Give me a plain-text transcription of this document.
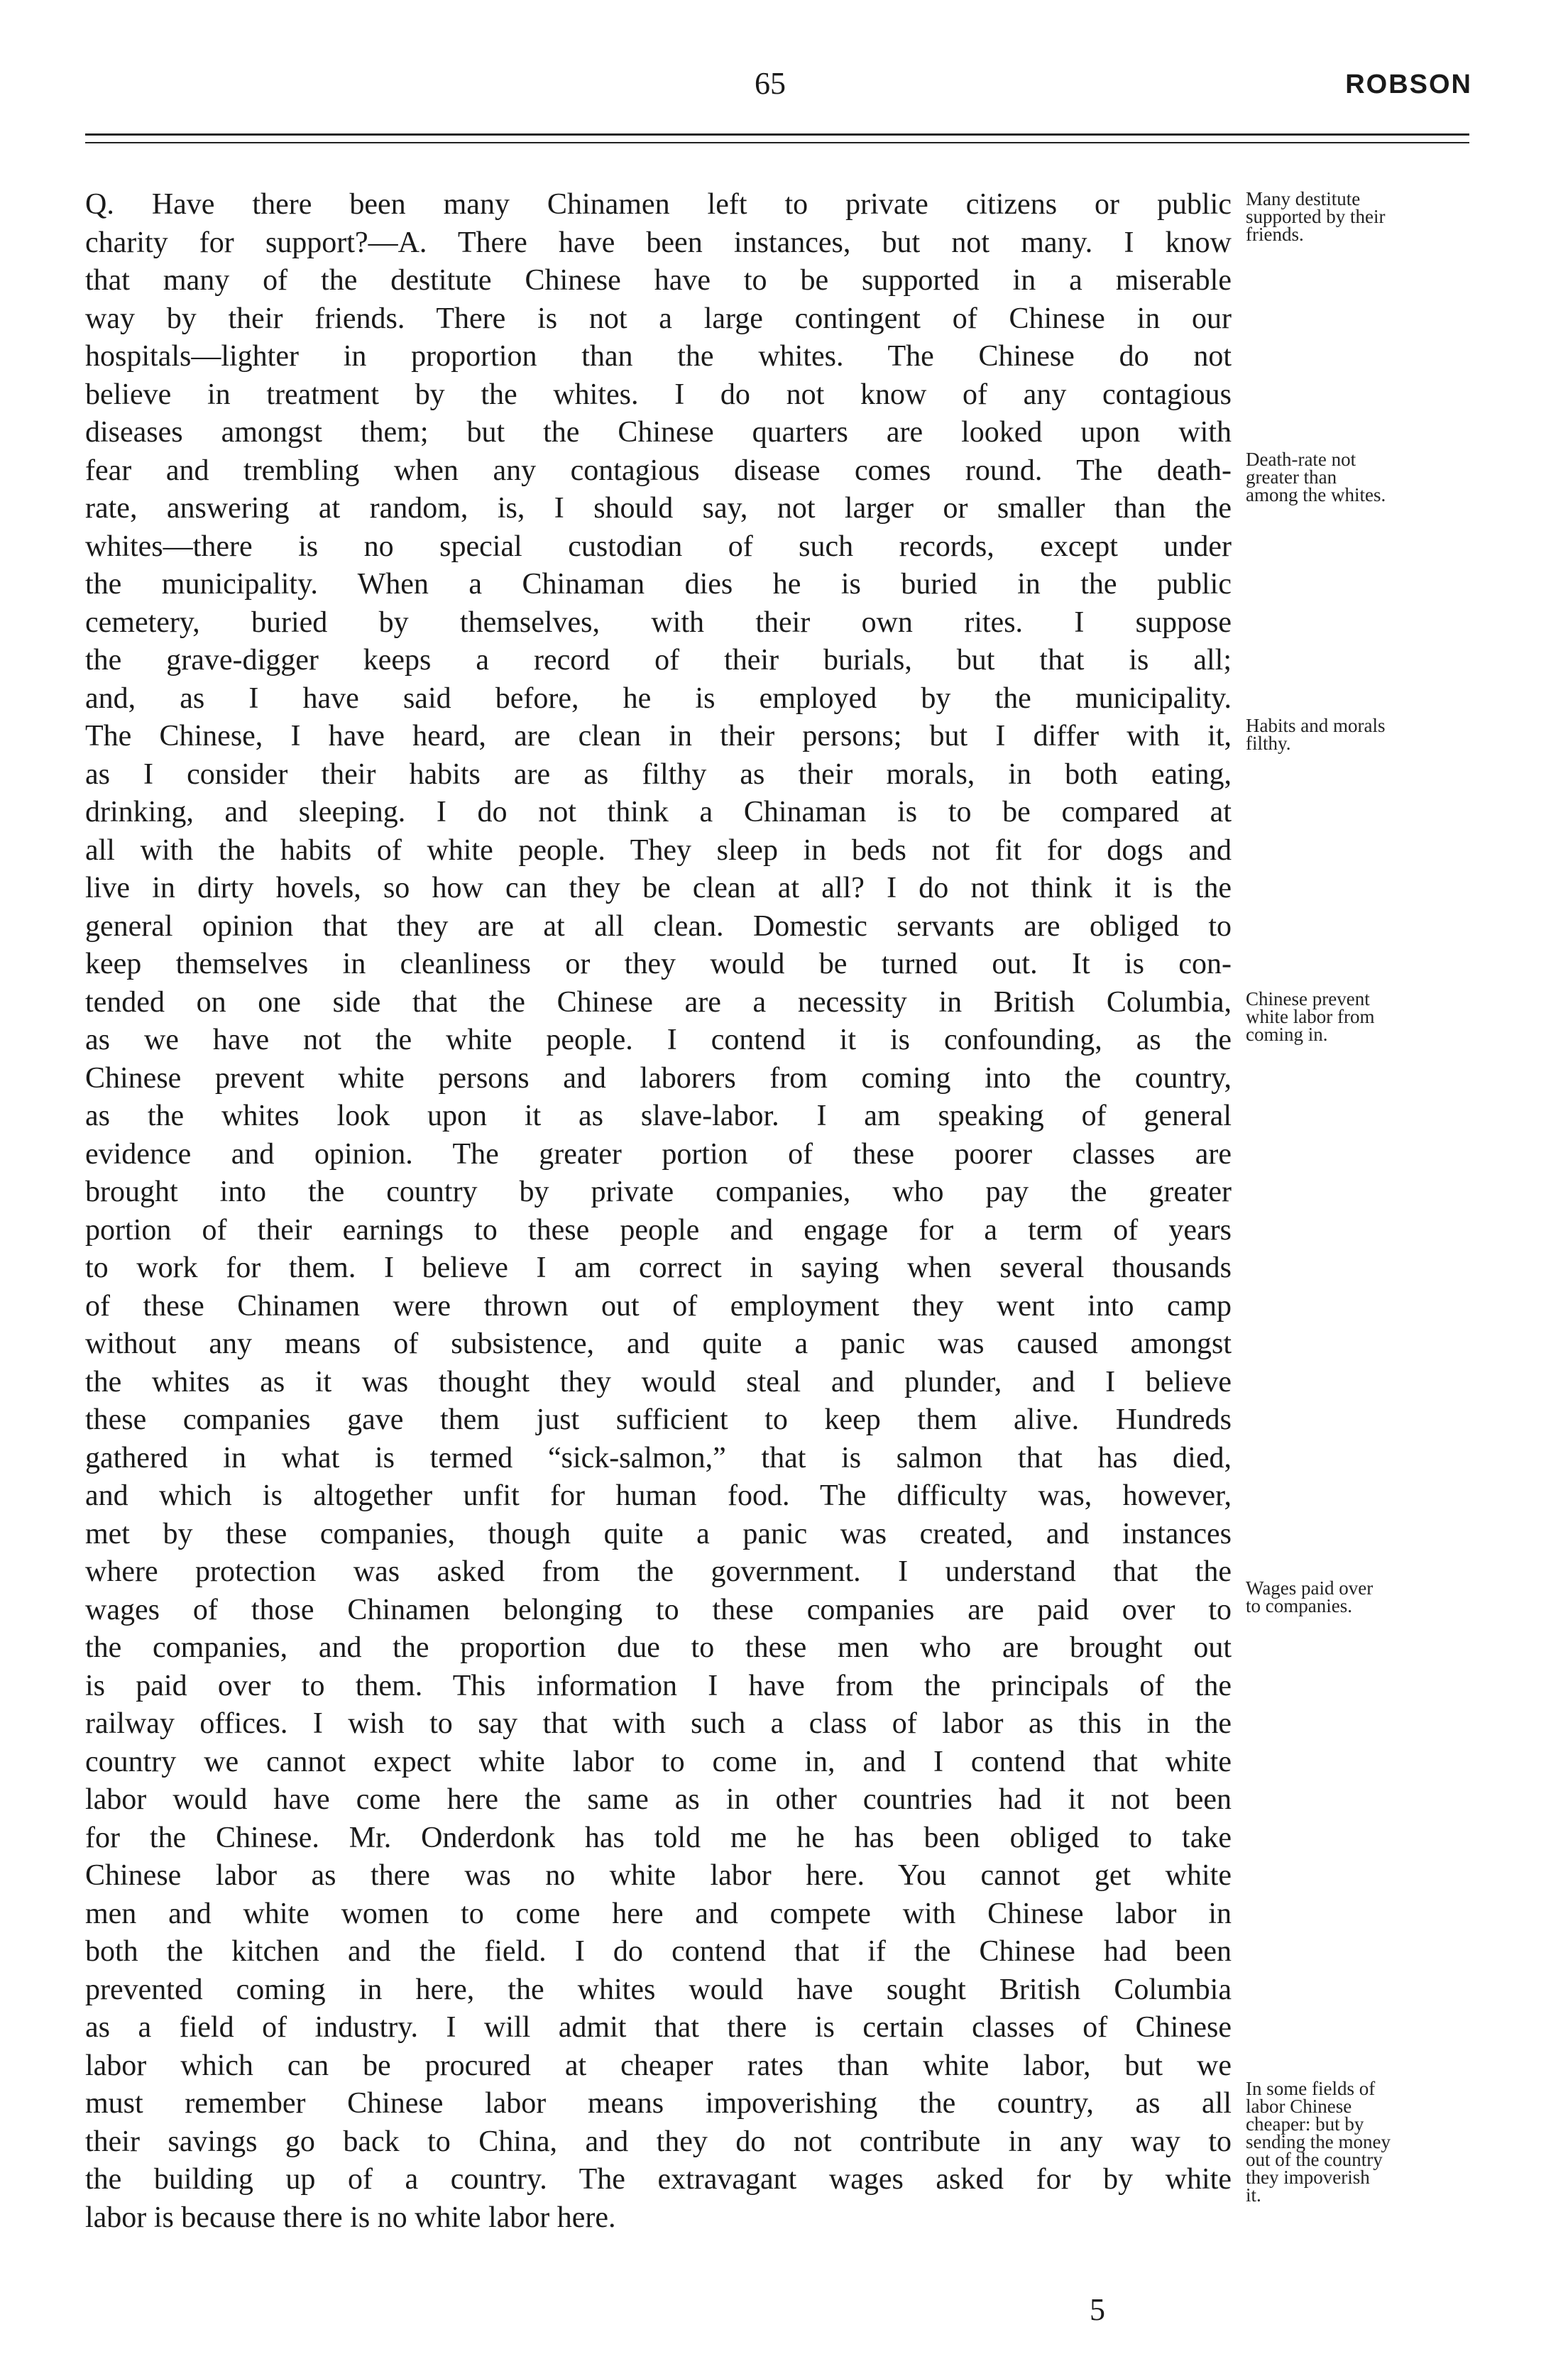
65	ROBSON
Q. Have there been many Chinamen left to private citizens or public
charity for support?—A. There have been instances, but not many. I know
that many of the destitute Chinese have to be supported in a miserable
way by their friends. There is not a large contingent of Chinese in our
hospitals—lighter in proportion than the whites. The Chinese do not
believe in treatment by the whites. I do not know of any contagious
diseases amongst them; but the Chinese quarters are looked upon with
fear and trembling when any contagious disease comes round. The death-
rate, answering at random, is, I should say, not larger or smaller than the
whites—there is no special custodian of such records, except under
the municipality. When a Chinaman dies he is buried in the public
cemetery, buried by themselves, with their own rites. I suppose
the grave-digger keeps a record of their burials, but that is all;
and, as I have said before, he is employed by the municipality.
The Chinese, I have heard, are clean in their persons; but I differ with it,
as I consider their habits are as filthy as their morals, in both eating,
drinking, and sleeping. I do not think a Chinaman is to be compared at
all with the habits of white people. They sleep in beds not fit for dogs and
live in dirty hovels, so how can they be clean at all? I do not think it is the
general opinion that they are at all clean. Domestic servants are obliged to
keep themselves in cleanliness or they would be turned out. It is con-
tended on one side that the Chinese are a necessity in British Columbia,
as we have not the white people. I contend it is confounding, as the
Chinese prevent white persons and laborers from coming into the country,
as the whites look upon it as slave-labor. I am speaking of general
evidence and opinion. The greater portion of these poorer classes are
brought into the country by private companies, who pay the greater
portion of their earnings to these people and engage for a term of years
to work for them. I believe I am correct in saying when several thousands
of these Chinamen were thrown out of employment they went into camp
without any means of subsistence, and quite a panic was caused amongst
the whites as it was thought they would steal and plunder, and I believe
these companies gave them just sufficient to keep them alive. Hundreds
gathered in what is termed “sick-salmon,” that is salmon that has died,
and which is altogether unfit for human food. The difficulty was, however,
met by these companies, though quite a panic was created, and instances
where protection was asked from the government. I understand that the
wages of those Chinamen belonging to these companies are paid over to
the companies, and the proportion due to these men who are brought out
is paid over to them. This information I have from the principals of the
railway offices. I wish to say that with such a class of labor as this in the
country we cannot expect white labor to come in, and I contend that white
labor would have come here the same as in other countries had it not been
for the Chinese. Mr. Onderdonk has told me he has been obliged to take
Chinese labor as there was no white labor here. You cannot get white
men and white women to come here and compete with Chinese labor in
both the kitchen and the field. I do contend that if the Chinese had been
prevented coming in here, the whites would have sought British Columbia
as a field of industry. I will admit that there is certain classes of Chinese
labor which can be procured at cheaper rates than white labor, but we
must remember Chinese labor means impoverishing the country, as all
their savings go back to China, and they do not contribute in any way to
the building up of a country. The extravagant wages asked for by white
labor is because there is no white labor here.
Many destitute
supported by their
friends.
Death-rate not
greater than
among the whites.
Habits and morals
filthy.
Chinese prevent
white labor from
coming in.
Wages paid over
to companies.
In some fields of
labor Chinese
cheaper: but by
sending the money
out of the country
they impoverish
it.
5
